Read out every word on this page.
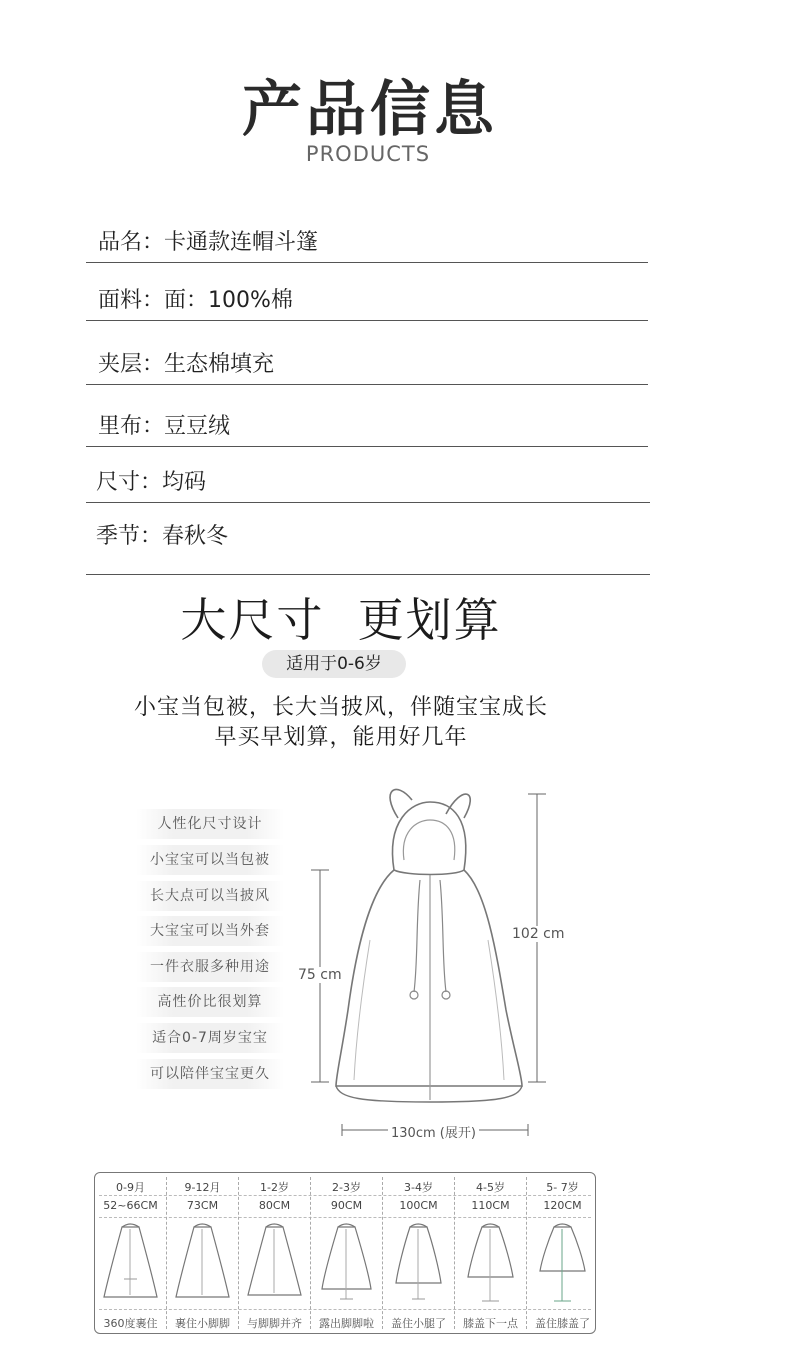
产品信息
PRODUCTS
品名：卡通款连帽斗篷
面料：面：100%棉
夹层：生态棉填充
里布：豆豆绒
尺寸：均码
季节：春秋冬
大尺寸  更划算
适用于0-6岁
小宝当包被，长大当披风，伴随宝宝成长
早买早划算，能用好几年
人性化尺寸设计
小宝宝可以当包被
长大点可以当披风
大宝宝可以当外套
一件衣服多种用途
高性价比很划算
适合0-7周岁宝宝
可以陪伴宝宝更久
102 cm
75 cm
130cm (展开)
0-9月
52~66CM
360度裹住
9-12月
73CM
裹住小脚脚
1-2岁
80CM
与脚脚并齐
2-3岁
90CM
露出脚脚啦
3-4岁
100CM
盖住小腿了
4-5岁
110CM
膝盖下一点
5- 7岁
120CM
盖住膝盖了
